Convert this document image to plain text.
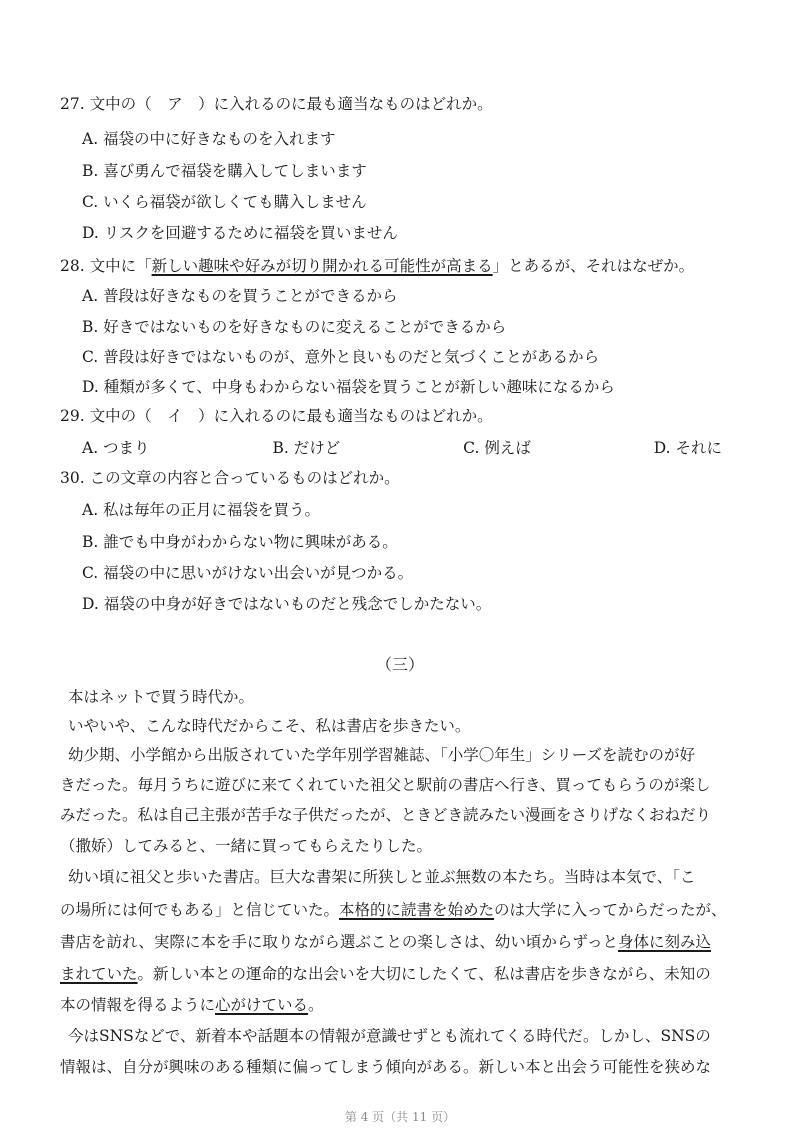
27. 文中の（　ア　）に入れるのに最も適当なものはどれか。
A. 福袋の中に好きなものを入れます
B. 喜び勇んで福袋を購入してしまいます
C. いくら福袋が欲しくても購入しません
D. リスクを回避するために福袋を買いません
28. 文中に「新しい趣味や好みが切り開かれる可能性が高まる」とあるが、それはなぜか。
A. 普段は好きなものを買うことができるから
B. 好きではないものを好きなものに変えることができるから
C. 普段は好きではないものが、意外と良いものだと気づくことがあるから
D. 種類が多くて、中身もわからない福袋を買うことが新しい趣味になるから
29. 文中の（　イ　）に入れるのに最も適当なものはどれか。
A. つまり	B. だけど	C. 例えば	D. それに
30. この文章の内容と合っているものはどれか。
A. 私は毎年の正月に福袋を買う。
B. 誰でも中身がわからない物に興味がある。
C. 福袋の中に思いがけない出会いが見つかる。
D. 福袋の中身が好きではないものだと残念でしかたない。
（三）
本はネットで買う時代か。
いやいや、こんな時代だからこそ、私は書店を歩きたい。
幼少期、小学館から出版されていた学年別学習雑誌、「小学〇年生」シリーズを読むのが好
きだった。毎月うちに遊びに来てくれていた祖父と駅前の書店へ行き、買ってもらうのが楽し
みだった。私は自己主張が苦手な子供だったが、ときどき読みたい漫画をさりげなくおねだり
（撒娇）してみると、一緒に買ってもらえたりした。
幼い頃に祖父と歩いた書店。巨大な書架に所狭しと並ぶ無数の本たち。当時は本気で、「こ
の場所には何でもある」と信じていた。本格的に読書を始めたのは大学に入ってからだったが、
書店を訪れ、実際に本を手に取りながら選ぶことの楽しさは、幼い頃からずっと身体に刻み込
まれていた。新しい本との運命的な出会いを大切にしたくて、私は書店を歩きながら、未知の
本の情報を得るように心がけている。
今はSNSなどで、新着本や話題本の情報が意識せずとも流れてくる時代だ。しかし、SNSの
情報は、自分が興味のある種類に偏ってしまう傾向がある。新しい本と出会う可能性を狭めな
第 4 页（共 11 页）
